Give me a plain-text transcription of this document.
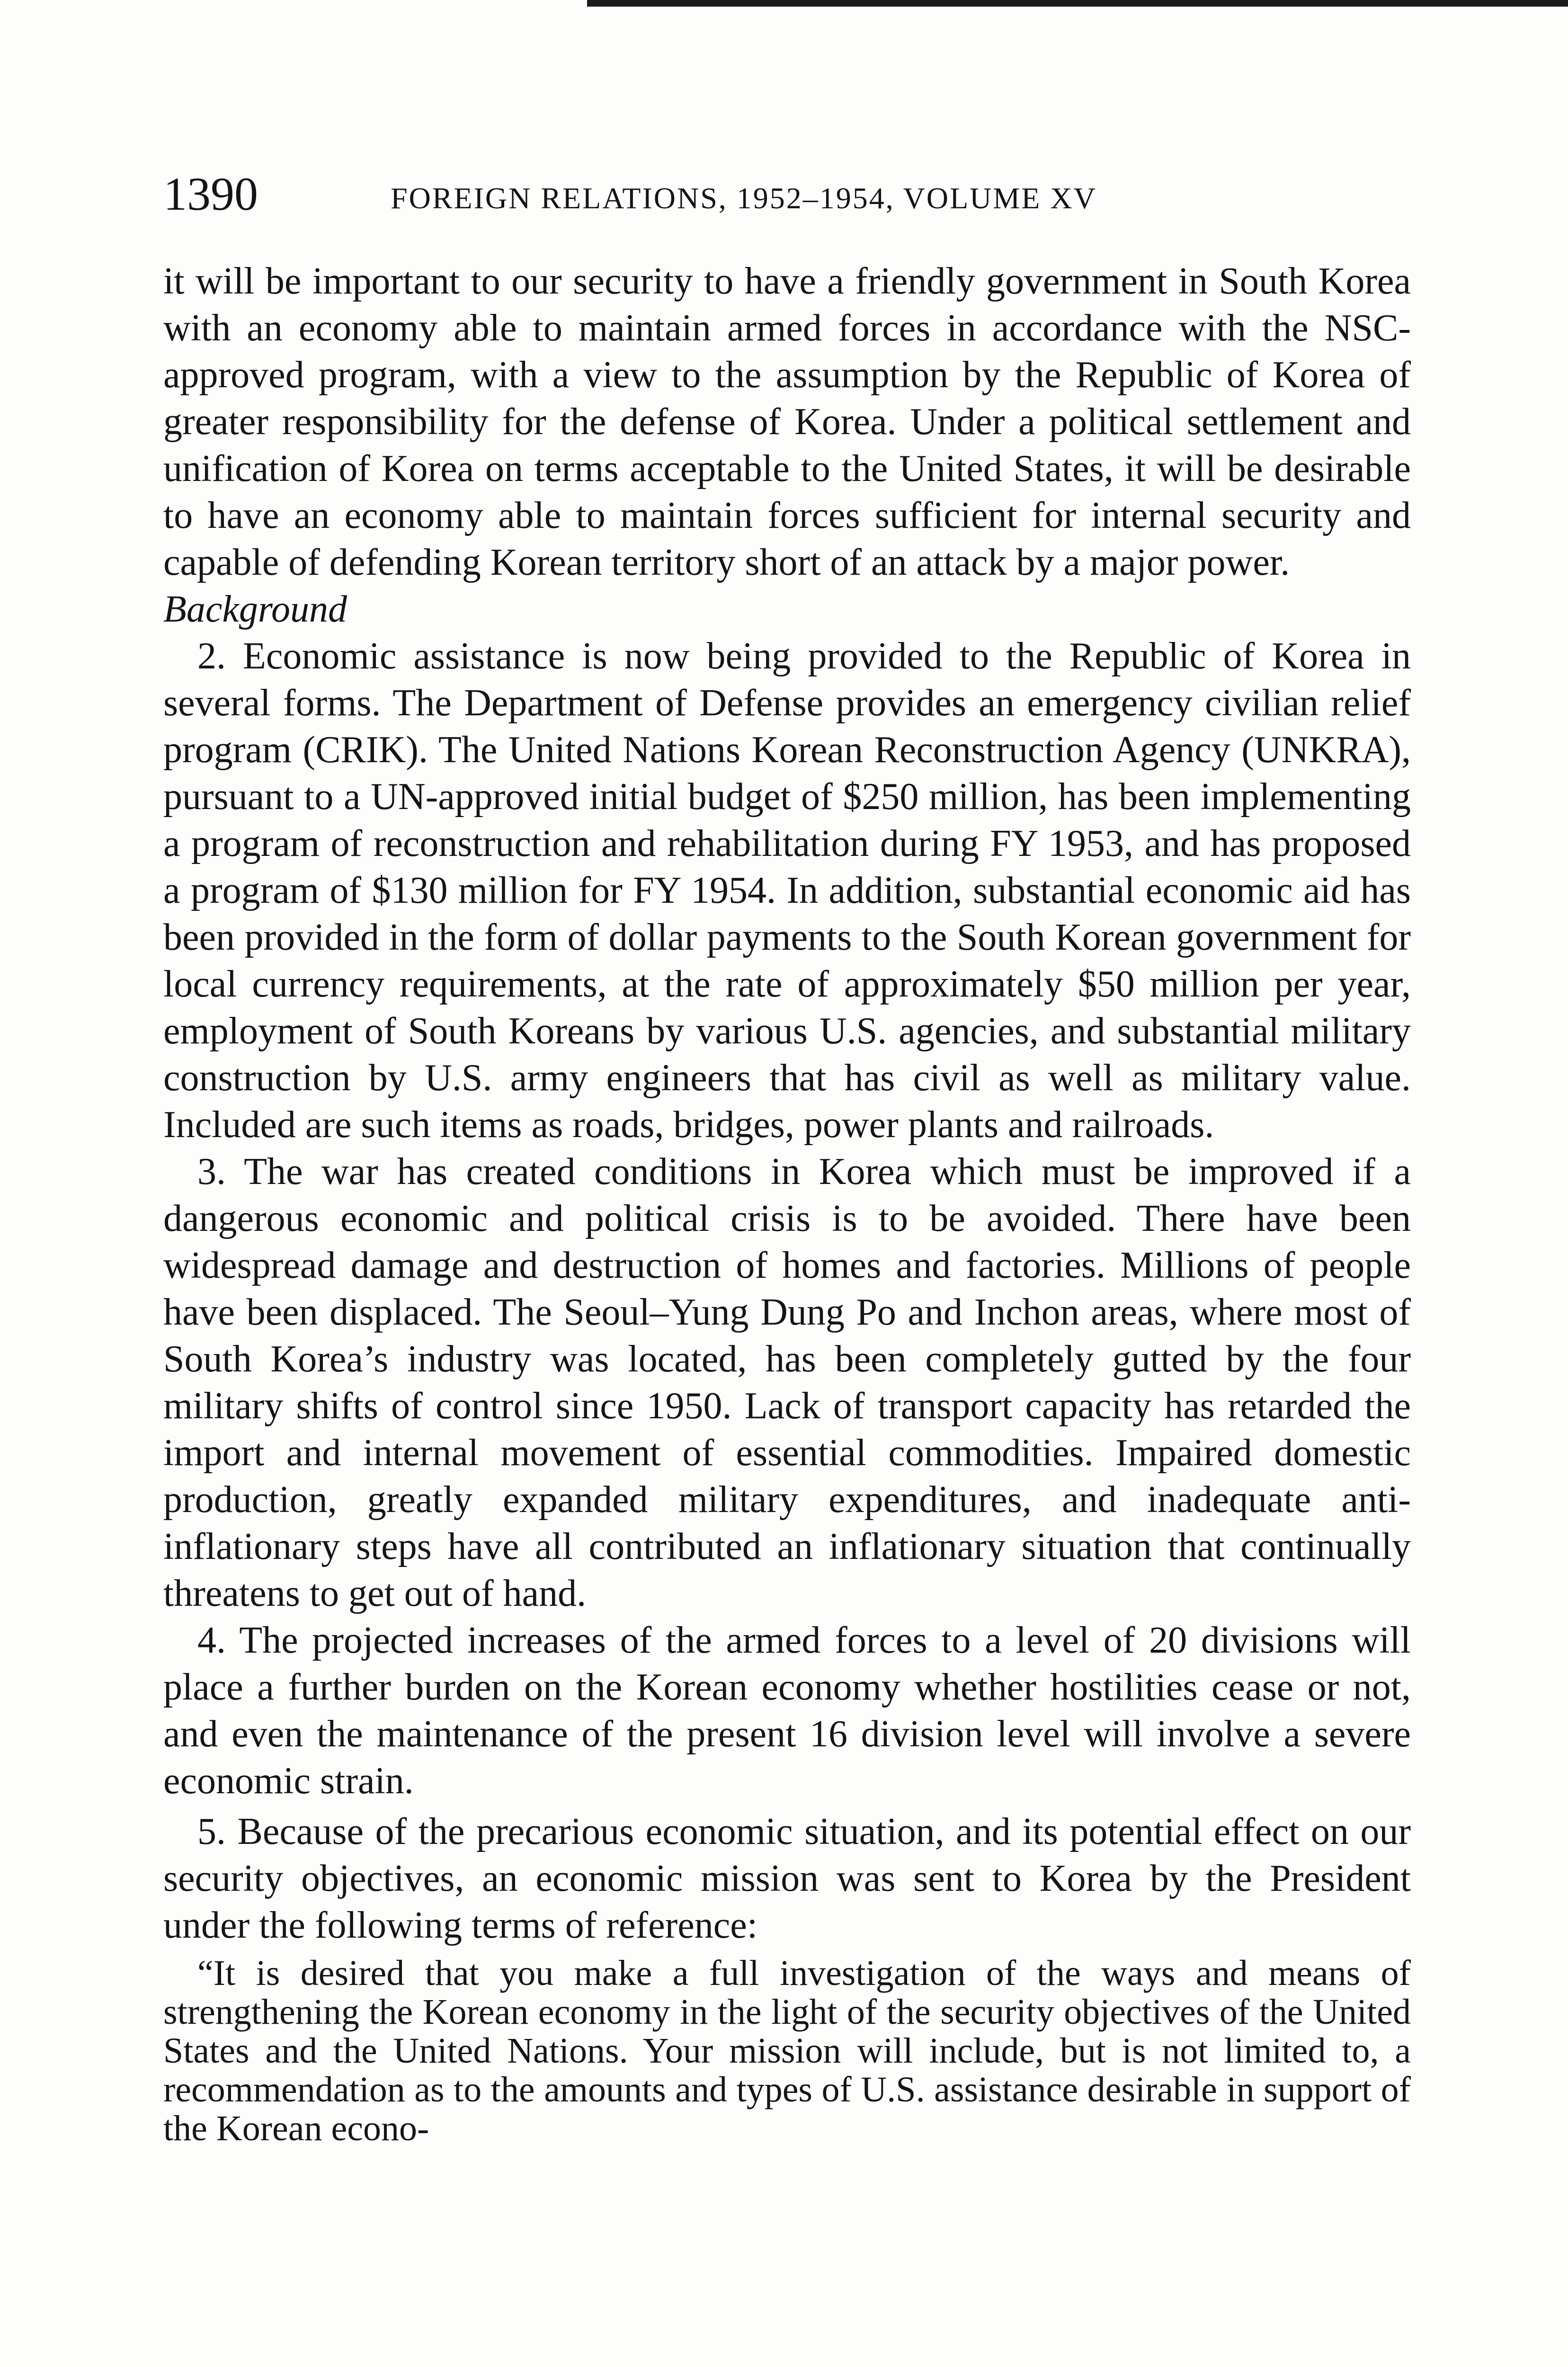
1390	FOREIGN RELATIONS, 1952–1954, VOLUME XV

it will be important to our security to have a friendly government in South Korea with an economy able to maintain armed forces in accordance with the NSC-approved program, with a view to the assumption by the Republic of Korea of greater responsibility for the defense of Korea. Under a political settlement and unification of Korea on terms acceptable to the United States, it will be desirable to have an economy able to maintain forces sufficient for internal security and capable of defending Korean territory short of an attack by a major power.

Background

2. Economic assistance is now being provided to the Republic of Korea in several forms. The Department of Defense provides an emergency civilian relief program (CRIK). The United Nations Korean Reconstruction Agency (UNKRA), pursuant to a UN-approved initial budget of $250 million, has been implementing a program of reconstruction and rehabilitation during FY 1953, and has proposed a program of $130 million for FY 1954. In addition, substantial economic aid has been provided in the form of dollar payments to the South Korean government for local currency requirements, at the rate of approximately $50 million per year, employment of South Koreans by various U.S. agencies, and substantial military construction by U.S. army engineers that has civil as well as military value. Included are such items as roads, bridges, power plants and railroads.

3. The war has created conditions in Korea which must be improved if a dangerous economic and political crisis is to be avoided. There have been widespread damage and destruction of homes and factories. Millions of people have been displaced. The Seoul–Yung Dung Po and Inchon areas, where most of South Korea’s industry was located, has been completely gutted by the four military shifts of control since 1950. Lack of transport capacity has retarded the import and internal movement of essential commodities. Impaired domestic production, greatly expanded military expenditures, and inadequate anti-inflationary steps have all contributed an inflationary situation that continually threatens to get out of hand.

4. The projected increases of the armed forces to a level of 20 divisions will place a further burden on the Korean economy whether hostilities cease or not, and even the maintenance of the present 16 division level will involve a severe economic strain.

5. Because of the precarious economic situation, and its potential effect on our security objectives, an economic mission was sent to Korea by the President under the following terms of reference:

“It is desired that you make a full investigation of the ways and means of strengthening the Korean economy in the light of the security objectives of the United States and the United Nations. Your mission will include, but is not limited to, a recommendation as to the amounts and types of U.S. assistance desirable in support of the Korean econo-
